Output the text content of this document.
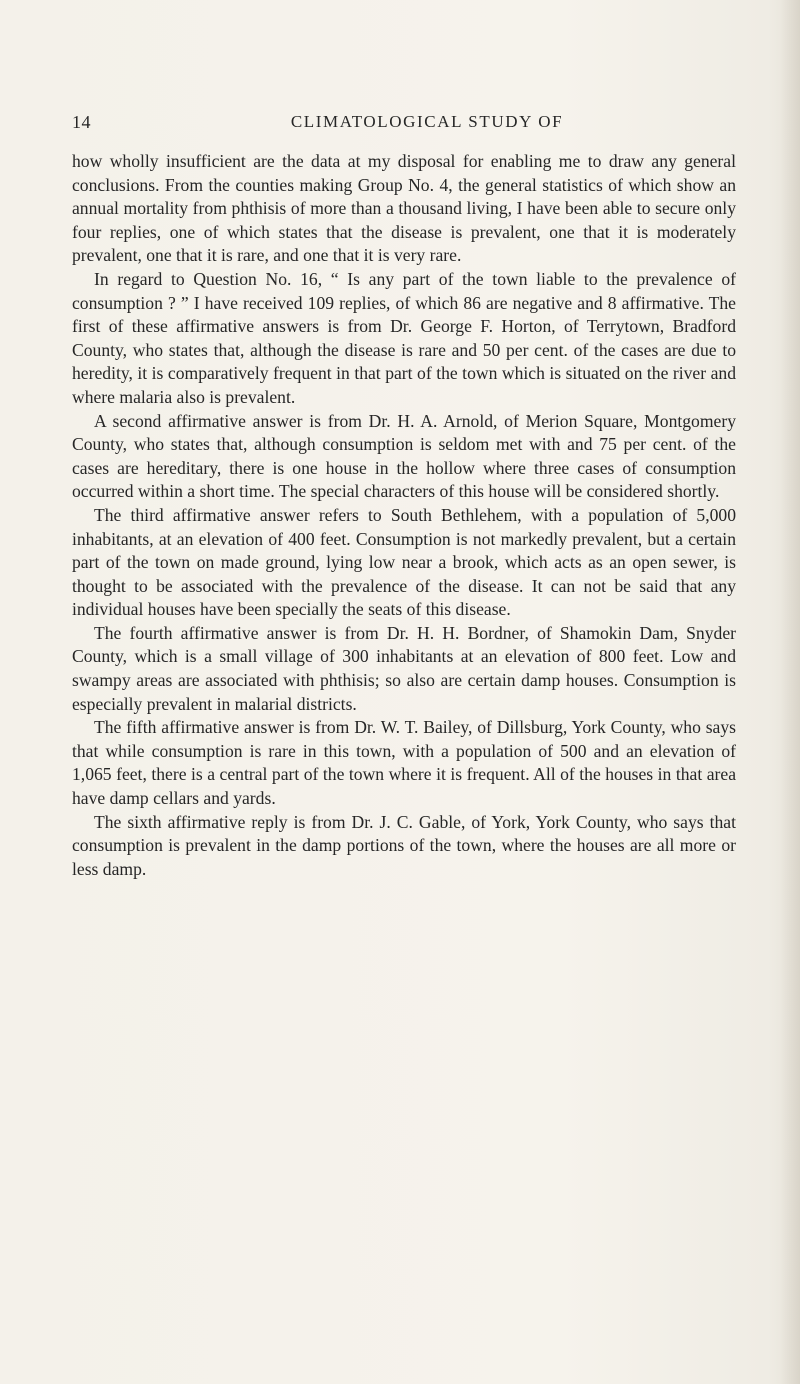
14	CLIMATOLOGICAL STUDY OF

how wholly insufficient are the data at my disposal for enabling me to draw any general conclusions. From the counties making Group No. 4, the general statistics of which show an annual mortality from phthisis of more than a thousand living, I have been able to secure only four replies, one of which states that the disease is prevalent, one that it is moderately prevalent, one that it is rare, and one that it is very rare.

In regard to Question No. 16, “ Is any part of the town liable to the prevalence of consumption ? ” I have received 109 replies, of which 86 are negative and 8 affirmative. The first of these affirmative answers is from Dr. George F. Horton, of Terrytown, Bradford County, who states that, although the disease is rare and 50 per cent. of the cases are due to heredity, it is comparatively frequent in that part of the town which is situated on the river and where malaria also is prevalent.

A second affirmative answer is from Dr. H. A. Arnold, of Merion Square, Montgomery County, who states that, although consumption is seldom met with and 75 per cent. of the cases are hereditary, there is one house in the hollow where three cases of consumption occurred within a short time. The special characters of this house will be considered shortly.

The third affirmative answer refers to South Bethlehem, with a population of 5,000 inhabitants, at an elevation of 400 feet. Consumption is not markedly prevalent, but a certain part of the town on made ground, lying low near a brook, which acts as an open sewer, is thought to be associated with the prevalence of the disease. It can not be said that any individual houses have been specially the seats of this disease.

The fourth affirmative answer is from Dr. H. H. Bordner, of Shamokin Dam, Snyder County, which is a small village of 300 inhabitants at an elevation of 800 feet. Low and swampy areas are associated with phthisis; so also are certain damp houses. Consumption is especially prevalent in malarial districts.

The fifth affirmative answer is from Dr. W. T. Bailey, of Dillsburg, York County, who says that while consumption is rare in this town, with a population of 500 and an elevation of 1,065 feet, there is a central part of the town where it is frequent. All of the houses in that area have damp cellars and yards.

The sixth affirmative reply is from Dr. J. C. Gable, of York, York County, who says that consumption is prevalent in the damp portions of the town, where the houses are all more or less damp.
